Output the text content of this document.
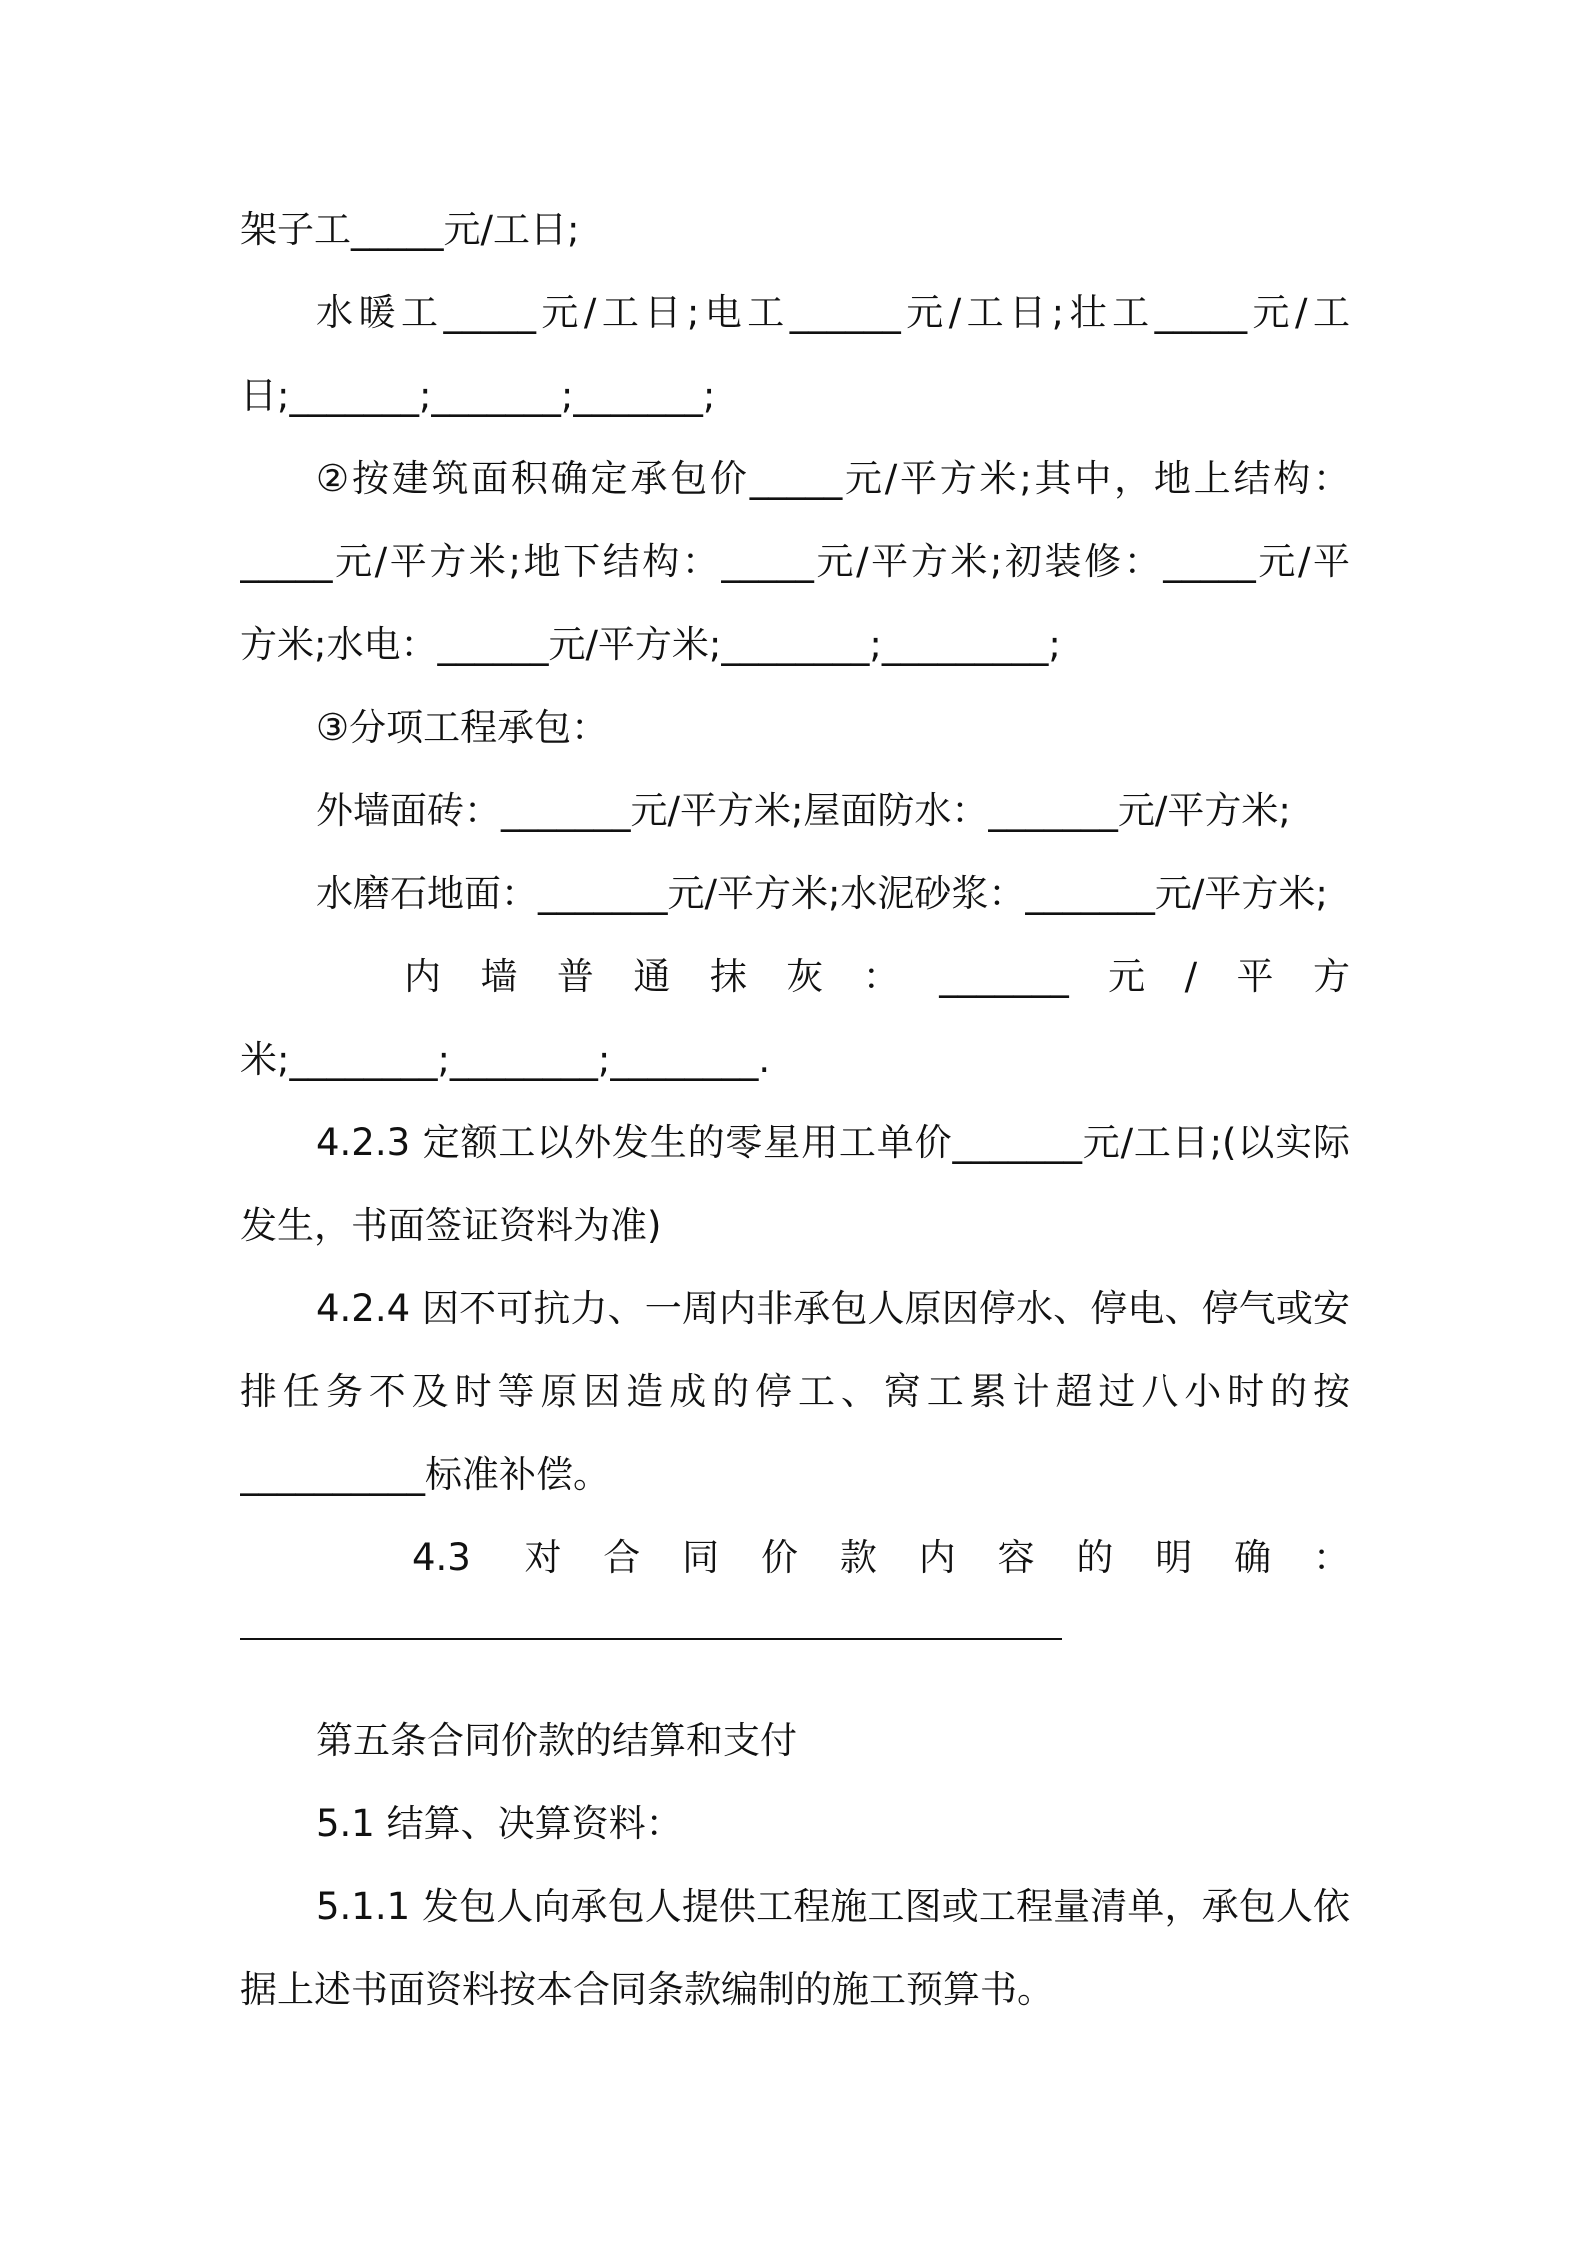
架子工_____元/工日;
水暖工_____元/工日;电工______元/工日;壮工_____元/工
日;_______;_______;_______;
②按建筑面积确定承包价_____元/平方米;其中，地上结构：
_____元/平方米;地下结构：_____元/平方米;初装修：_____元/平
方米;水电：______元/平方米;________;_________;
③分项工程承包：
外墙面砖：_______元/平方米;屋面防水：_______元/平方米;
水磨石地面：_______元/平方米;水泥砂浆：_______元/平方米;
内墙普通抹灰：_______元/平方
米;________;________;________.
4.2.3 定额工以外发生的零星用工单价_______元/工日;(以实际
发生，书面签证资料为准)
4.2.4 因不可抗力、一周内非承包人原因停水、停电、停气或安
排任务不及时等原因造成的停工、窝工累计超过八小时的按
__________标准补偿。
4.3 对合同价款内容的明确：
第五条合同价款的结算和支付
5.1 结算、决算资料：
5.1.1 发包人向承包人提供工程施工图或工程量清单，承包人依
据上述书面资料按本合同条款编制的施工预算书。
